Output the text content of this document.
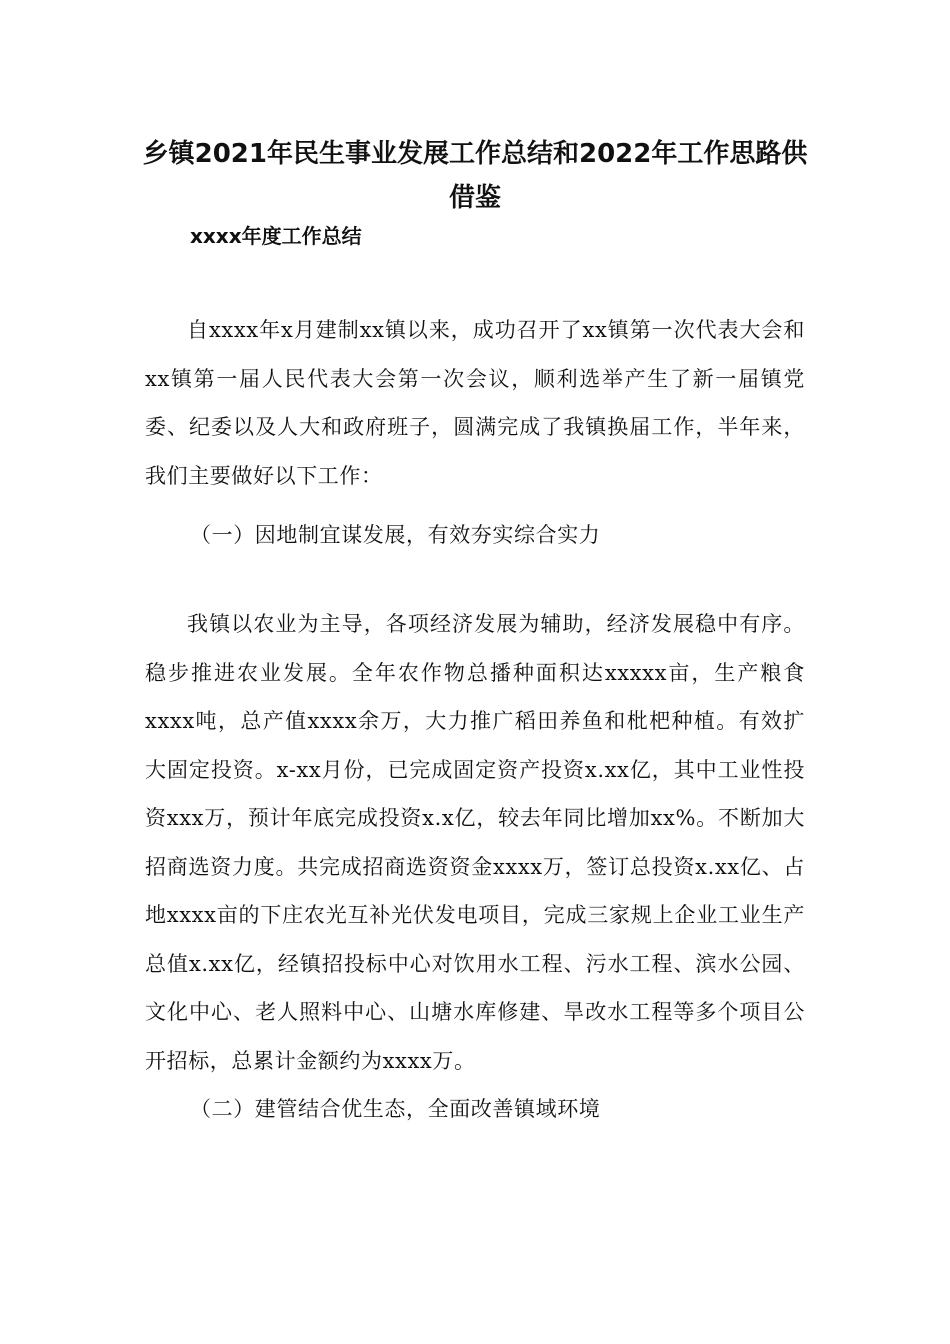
乡镇2021年民生事业发展工作总结和2022年工作思路供借鉴
xxxx年度工作总结
自xxxx年x月建制xx镇以来，成功召开了xx镇第一次代表大会和xx镇第一届人民代表大会第一次会议，顺利选举产生了新一届镇党委、纪委以及人大和政府班子，圆满完成了我镇换届工作，半年来，我们主要做好以下工作：
（一）因地制宜谋发展，有效夯实综合实力
我镇以农业为主导，各项经济发展为辅助，经济发展稳中有序。稳步推进农业发展。全年农作物总播种面积达xxxxx亩，生产粮食xxxx吨，总产值xxxx余万，大力推广稻田养鱼和枇杷种植。有效扩大固定投资。x-xx月份，已完成固定资产投资x.xx亿，其中工业性投资xxx万，预计年底完成投资x.x亿，较去年同比增加xx%。不断加大招商选资力度。共完成招商选资资金xxxx万，签订总投资x.xx亿、占地xxxx亩的下庄农光互补光伏发电项目，完成三家规上企业工业生产总值x.xx亿，经镇招投标中心对饮用水工程、污水工程、滨水公园、文化中心、老人照料中心、山塘水库修建、旱改水工程等多个项目公开招标，总累计金额约为xxxx万。
（二）建管结合优生态，全面改善镇域环境
